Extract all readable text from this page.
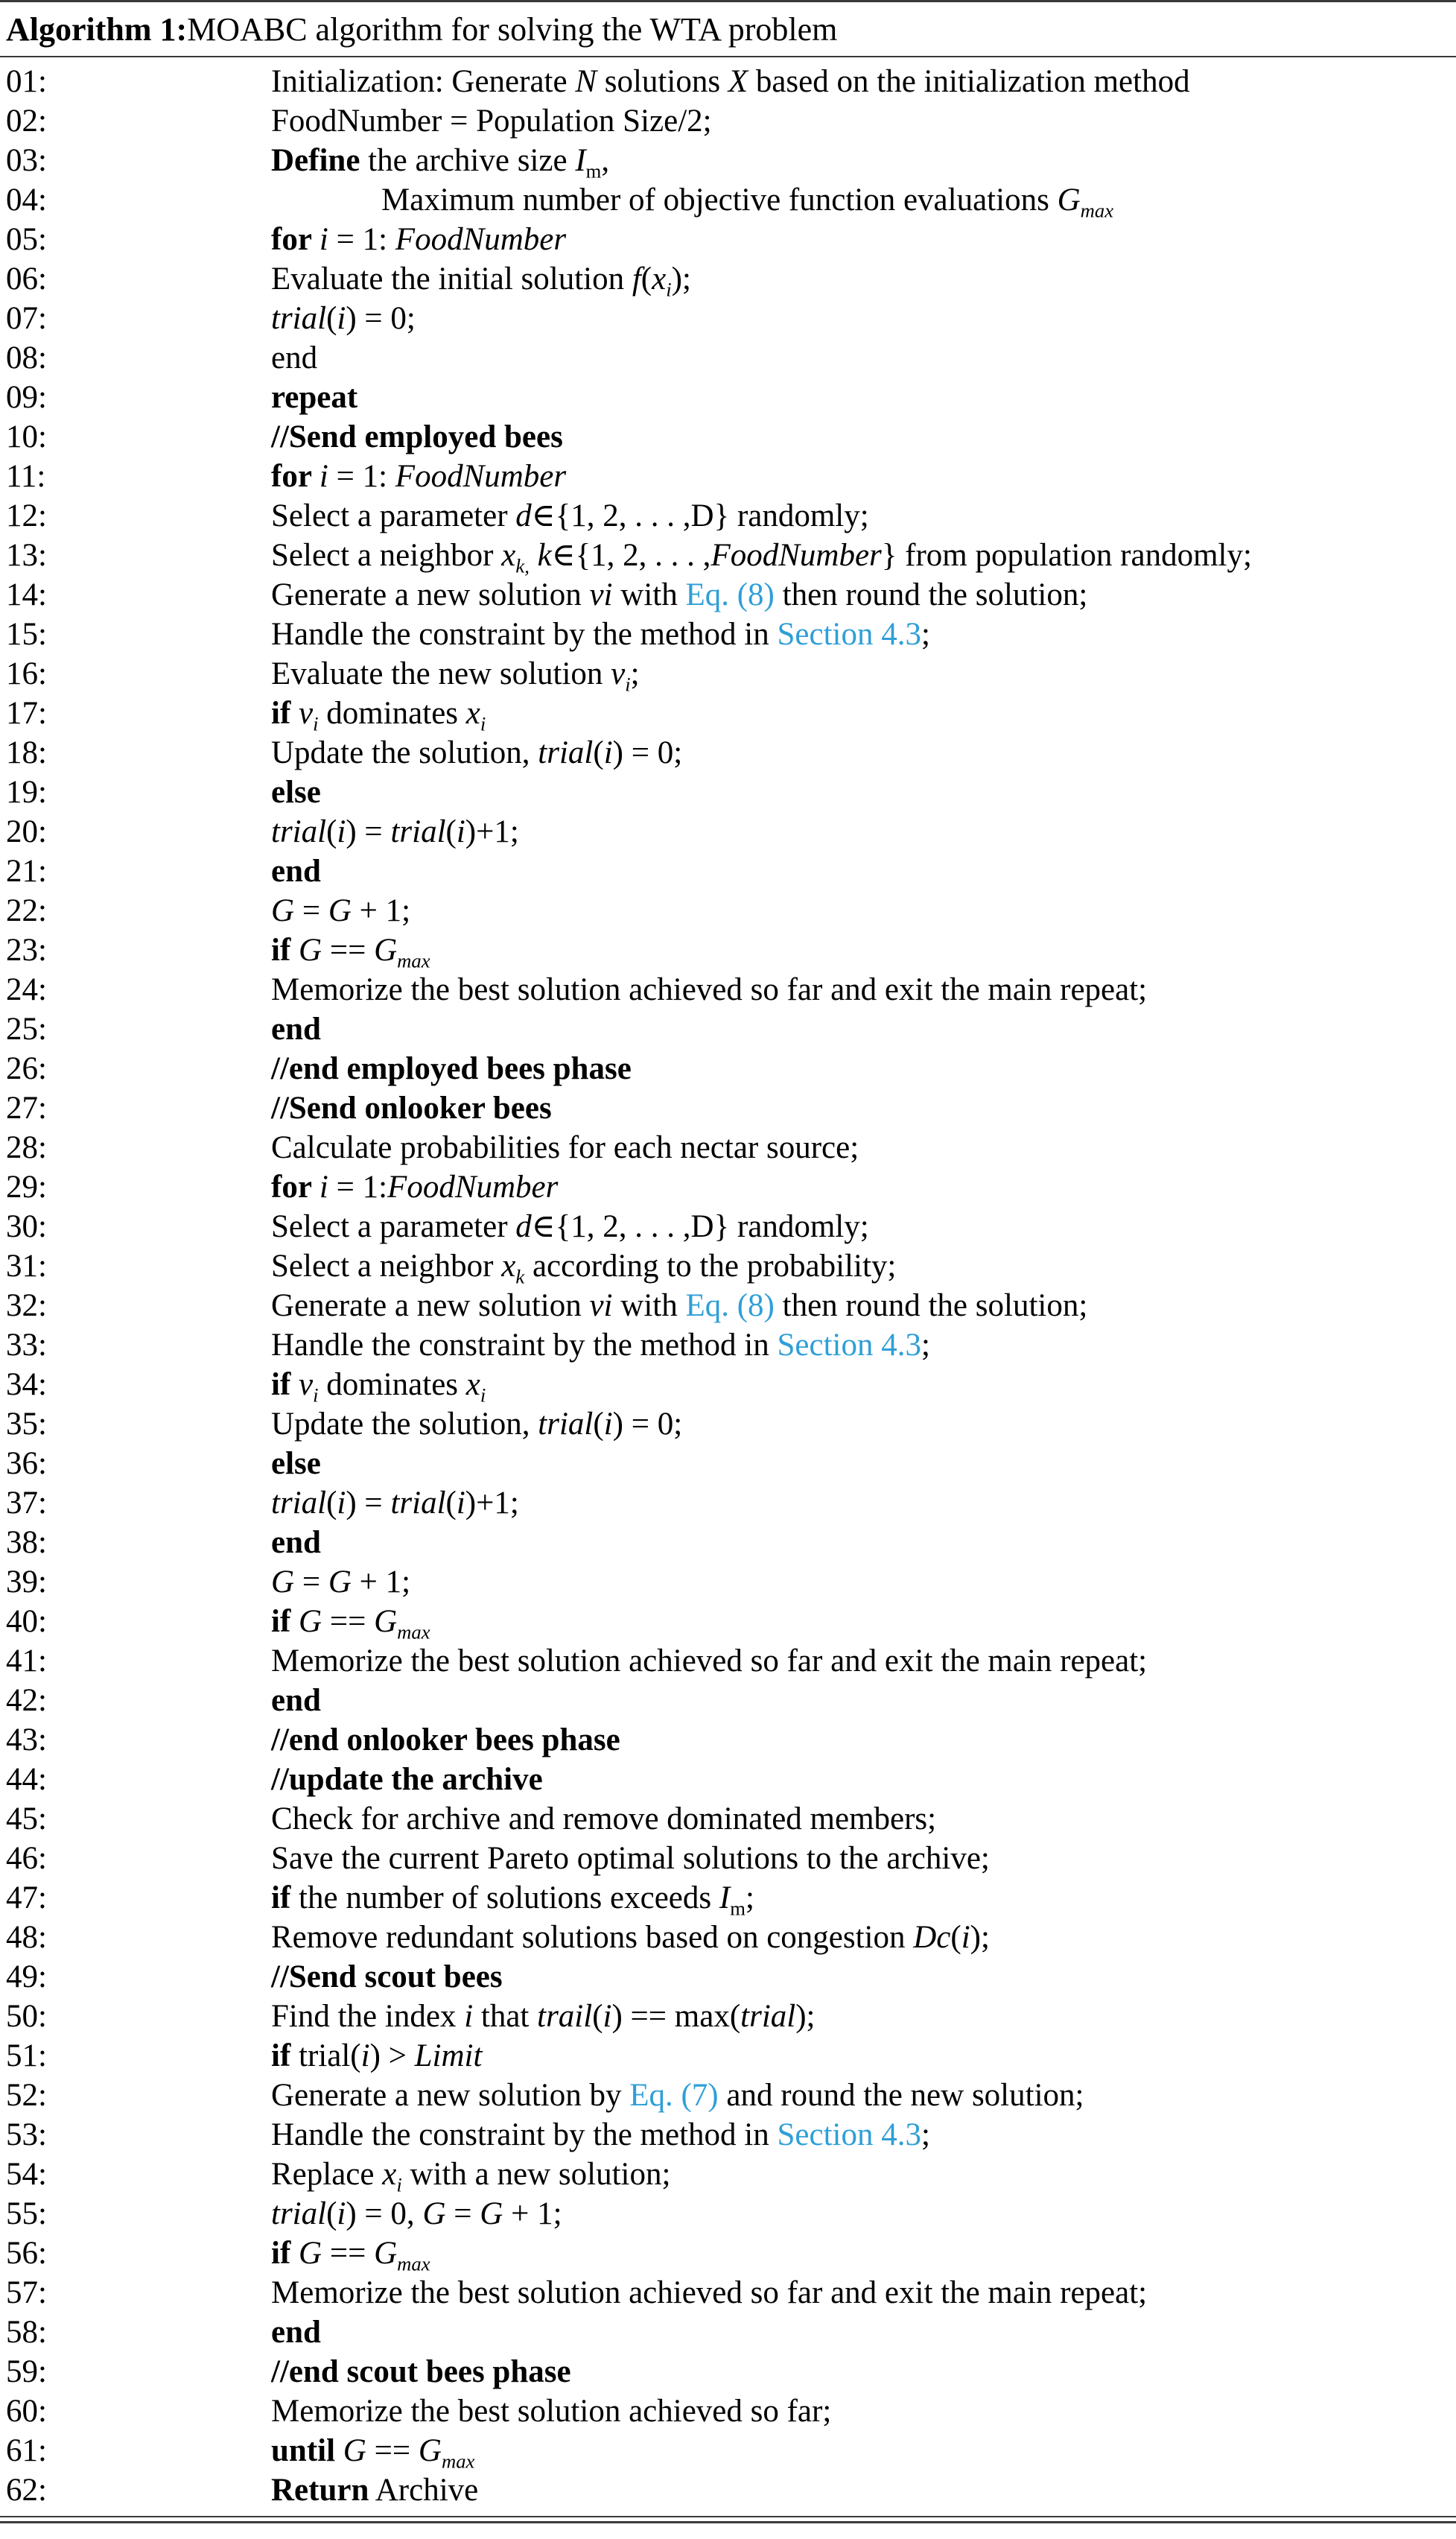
Algorithm 1: MOABC algorithm for solving the WTA problem
01:	Initialization: Generate N solutions X based on the initialization method
02:	FoodNumber = Population Size/2;
03:	Define the archive size $I_m$,
04:	Maximum number of objective function evaluations $G_{max}$
05:	for i = 1: FoodNumber
06:	Evaluate the initial solution $f(x_i)$;
07:	trial(i) = 0;
08:	end
09:	repeat
10:	//Send employed bees
11:	for i = 1: FoodNumber
12:	Select a parameter d∈{1, 2, . . . ,D} randomly;
13:	Select a neighbor $x_{k,}$ k∈{1, 2, . . . ,FoodNumber} from population randomly;
14:	Generate a new solution vi with Eq. (8) then round the solution;
15:	Handle the constraint by the method in Section 4.3;
16:	Evaluate the new solution $v_i$;
17:	if $v_i$ dominates $x_i$
18:	Update the solution, trial(i) = 0;
19:	else
20:	trial(i) = trial(i)+1;
21:	end
22:	G = G + 1;
23:	if $G == G_{max}$
24:	Memorize the best solution achieved so far and exit the main repeat;
25:	end
26:	//end employed bees phase
27:	//Send onlooker bees
28:	Calculate probabilities for each nectar source;
29:	for i = 1:FoodNumber
30:	Select a parameter d∈{1, 2, . . . ,D} randomly;
31:	Select a neighbor $x_k$ according to the probability;
32:	Generate a new solution vi with Eq. (8) then round the solution;
33:	Handle the constraint by the method in Section 4.3;
34:	if $v_i$ dominates $x_i$
35:	Update the solution, trial(i) = 0;
36:	else
37:	trial(i) = trial(i)+1;
38:	end
39:	G = G + 1;
40:	if $G == G_{max}$
41:	Memorize the best solution achieved so far and exit the main repeat;
42:	end
43:	//end onlooker bees phase
44:	//update the archive
45:	Check for archive and remove dominated members;
46:	Save the current Pareto optimal solutions to the archive;
47:	if the number of solutions exceeds $I_m$;
48:	Remove redundant solutions based on congestion Dc(i);
49:	//Send scout bees
50:	Find the index i that trail(i) == max(trial);
51:	if trial(i) > Limit
52:	Generate a new solution by Eq. (7) and round the new solution;
53:	Handle the constraint by the method in Section 4.3;
54:	Replace $x_i$ with a new solution;
55:	trial(i) = 0, G = G + 1;
56:	if $G == G_{max}$
57:	Memorize the best solution achieved so far and exit the main repeat;
58:	end
59:	//end scout bees phase
60:	Memorize the best solution achieved so far;
61:	until $G == G_{max}$
62:	Return Archive
